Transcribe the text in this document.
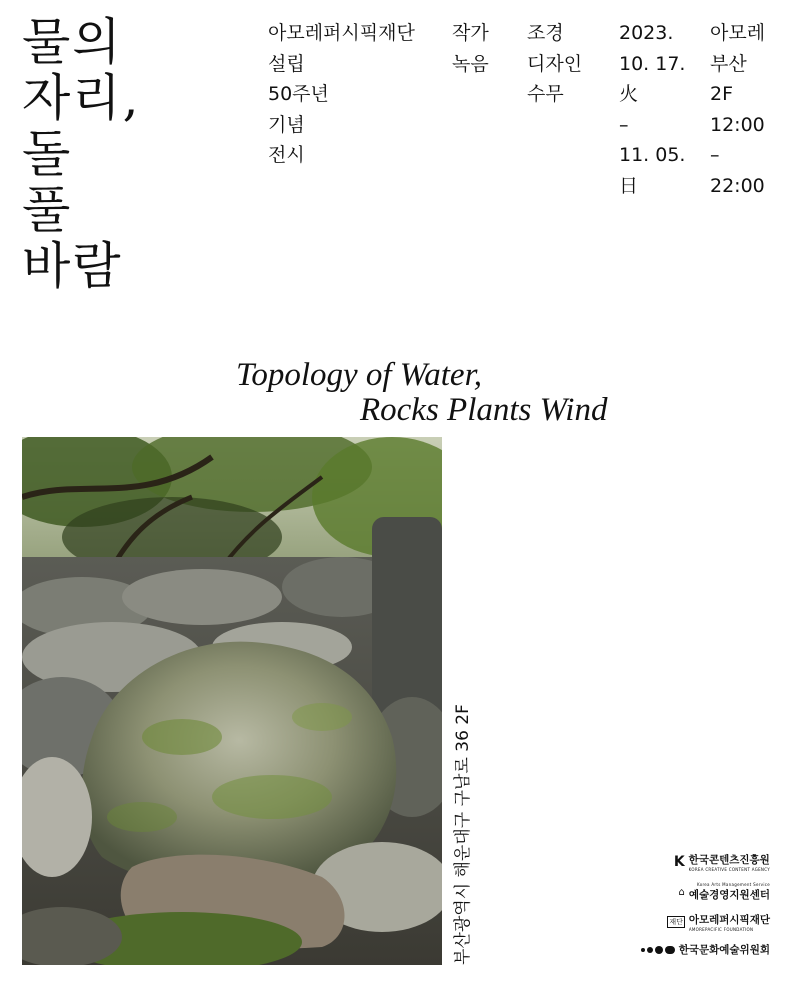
물의
자리,
돌
풀
바람
아모레퍼시픽재단
설립
50주년
기념
전시
작가
녹음
조경
디자인
수무
2023.
10. 17.
火
–
11. 05.
日
아모레
부산
2F
12:00
–
22:00
Topology of Water,
Rocks Plants Wind
부산광역시 해운대구 구남로 36 2F	K 한국콘텐츠진흥원
KOREA CREATIVE CONTENT AGENCY
⌂
Korea Arts Management Service
예술경영지원센터
재단 아모레퍼시픽재단
AMOREPACIFIC FOUNDATION
한국문화예술위원회
